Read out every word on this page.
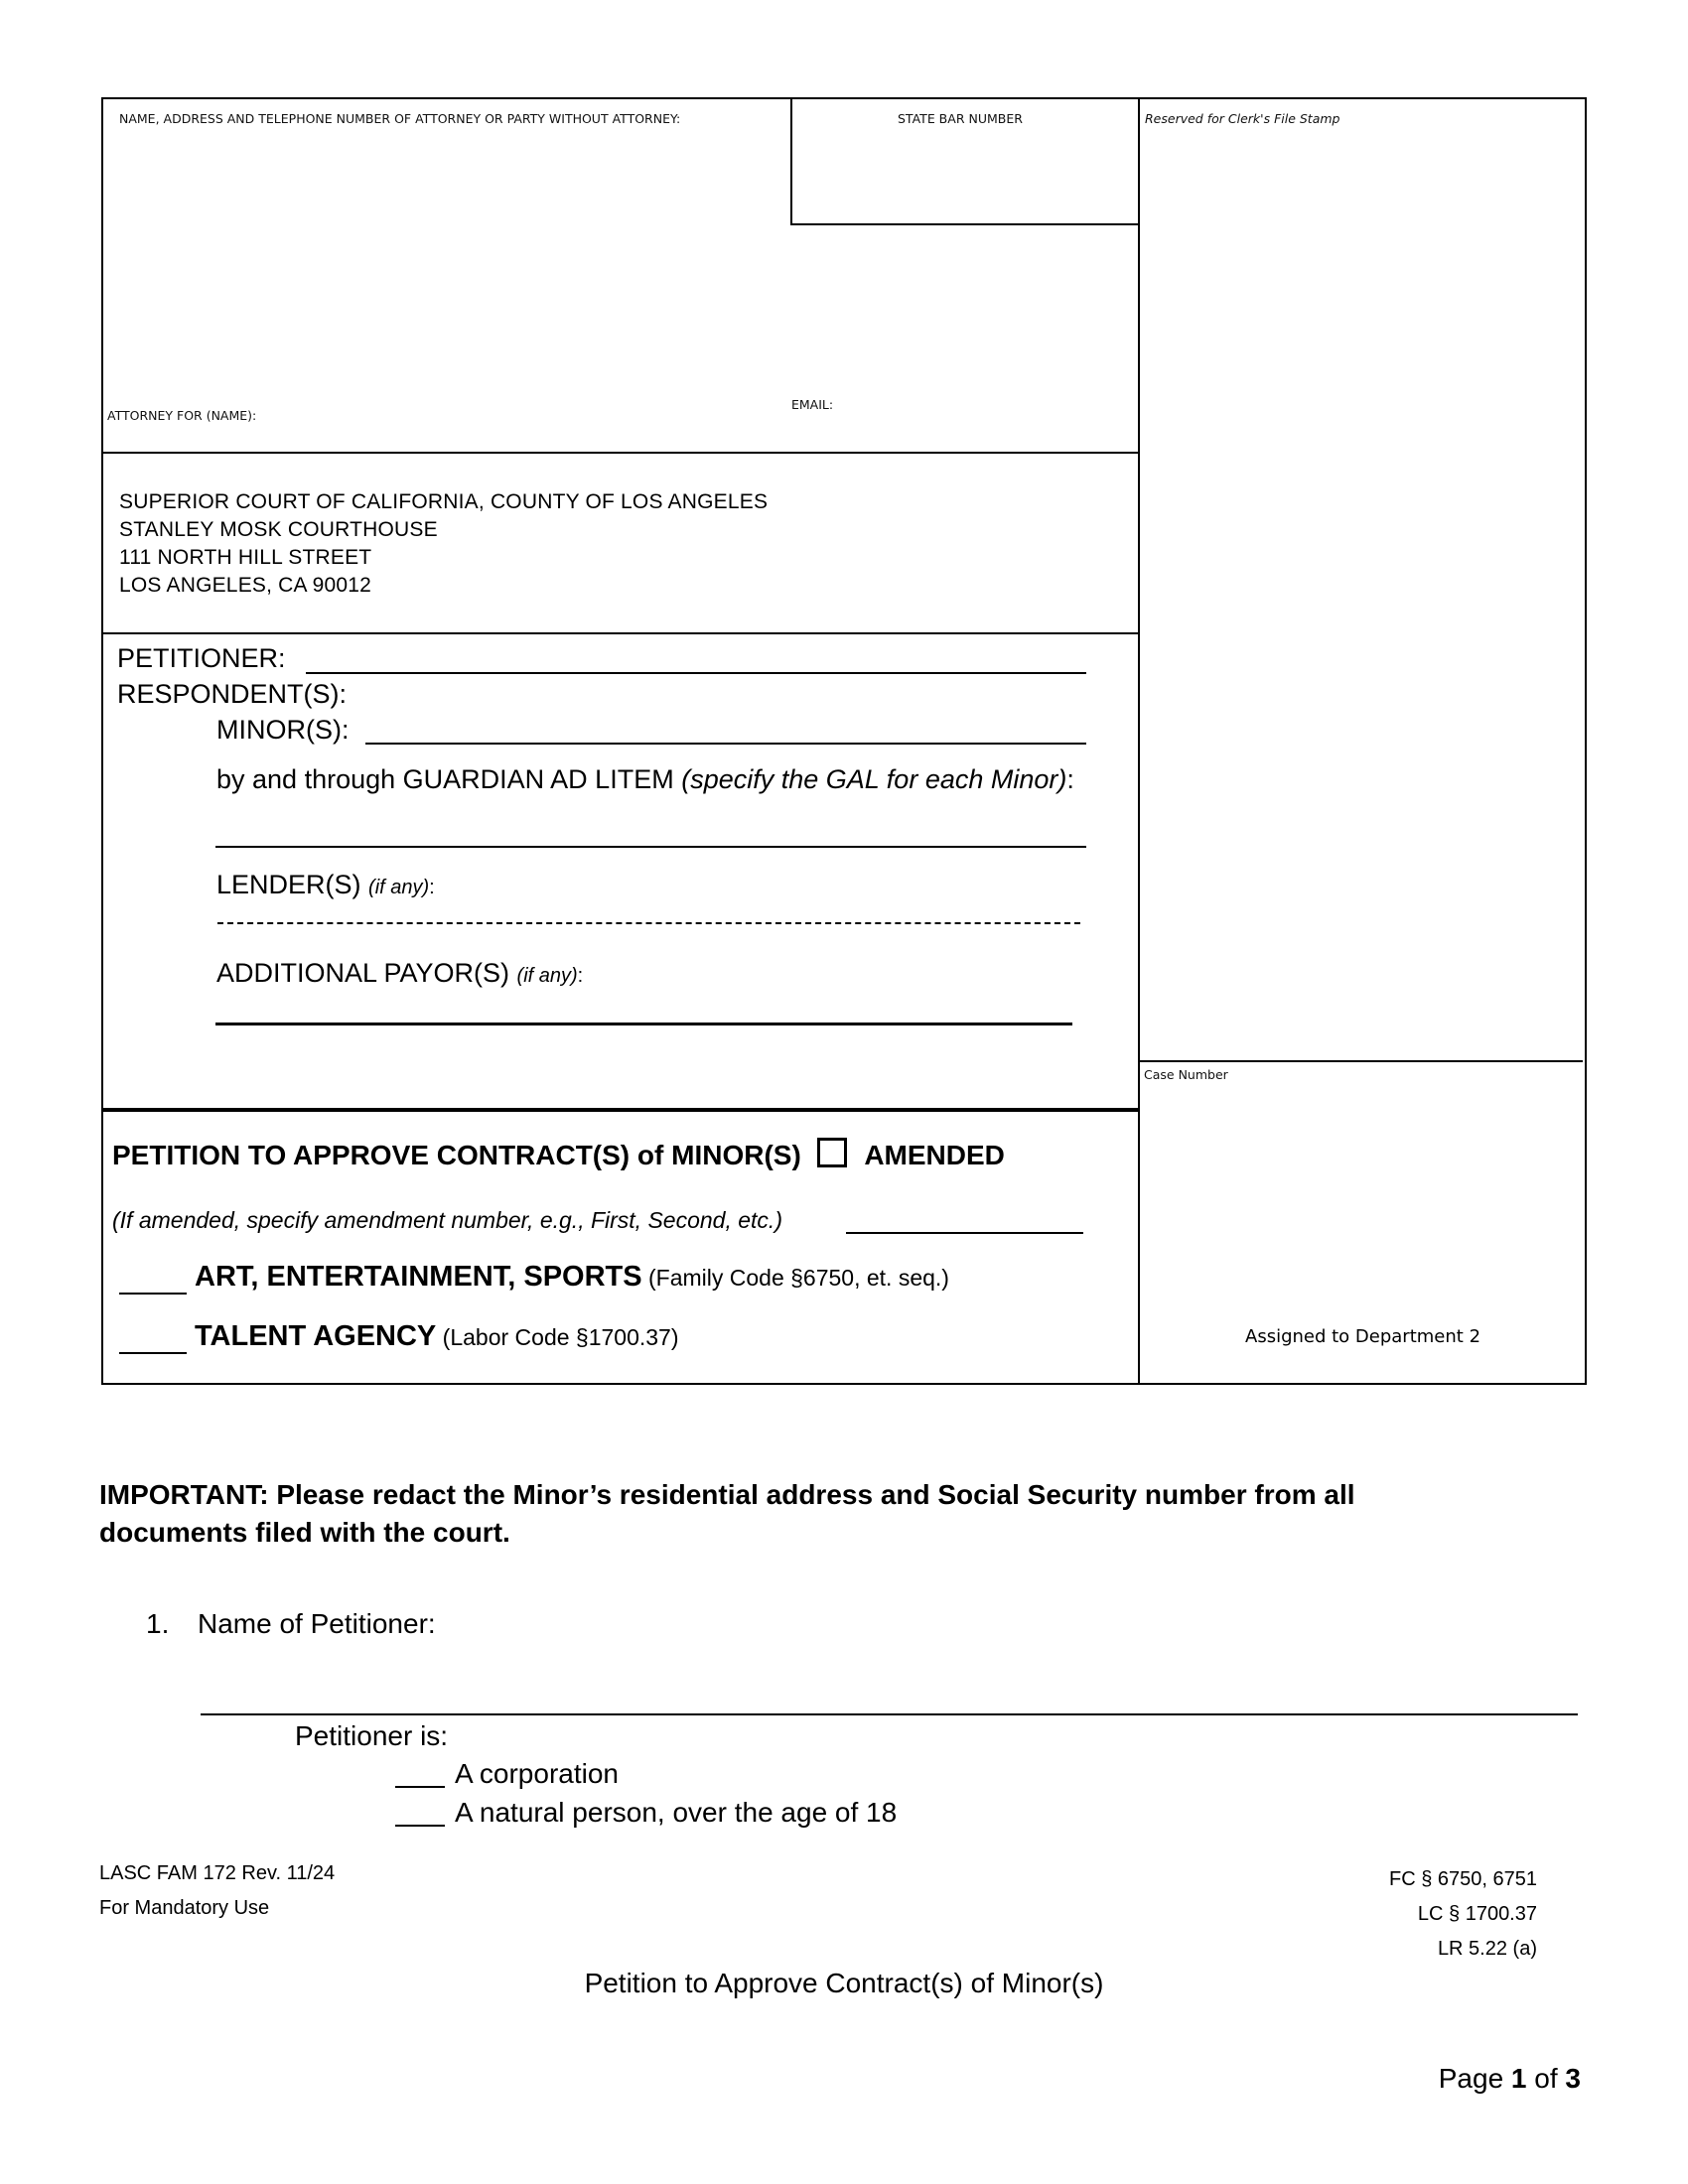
NAME, ADDRESS AND TELEPHONE NUMBER OF ATTORNEY OR PARTY WITHOUT ATTORNEY:	STATE BAR NUMBER	Reserved for Clerk's File Stamp
ATTORNEY FOR (NAME):
EMAIL:
Case Number
Assigned to Department 2
SUPERIOR COURT OF CALIFORNIA, COUNTY OF LOS ANGELES
STANLEY MOSK COURTHOUSE
111 NORTH HILL STREET
LOS ANGELES, CA 90012
PETITIONER:
RESPONDENT(S):
MINOR(S):
by and through GUARDIAN AD LITEM (specify the GAL for each Minor):
LENDER(S) (if any):
ADDITIONAL PAYOR(S) (if any):
PETITION TO APPROVE CONTRACT(S) of MINOR(S) AMENDED
(If amended, specify amendment number, e.g., First, Second, etc.)
ART, ENTERTAINMENT, SPORTS (Family Code §6750, et. seq.)
TALENT AGENCY (Labor Code §1700.37)
IMPORTANT: Please redact the Minor’s residential address and Social Security number from all
documents filed with the court.
1. Name of Petitioner:
Petitioner is:
A corporation
A natural person, over the age of 18
LASC FAM 172 Rev. 11/24
For Mandatory Use
FC § 6750, 6751
LC § 1700.37
LR 5.22 (a)
Petition to Approve Contract(s) of Minor(s)
Page 1 of 3
